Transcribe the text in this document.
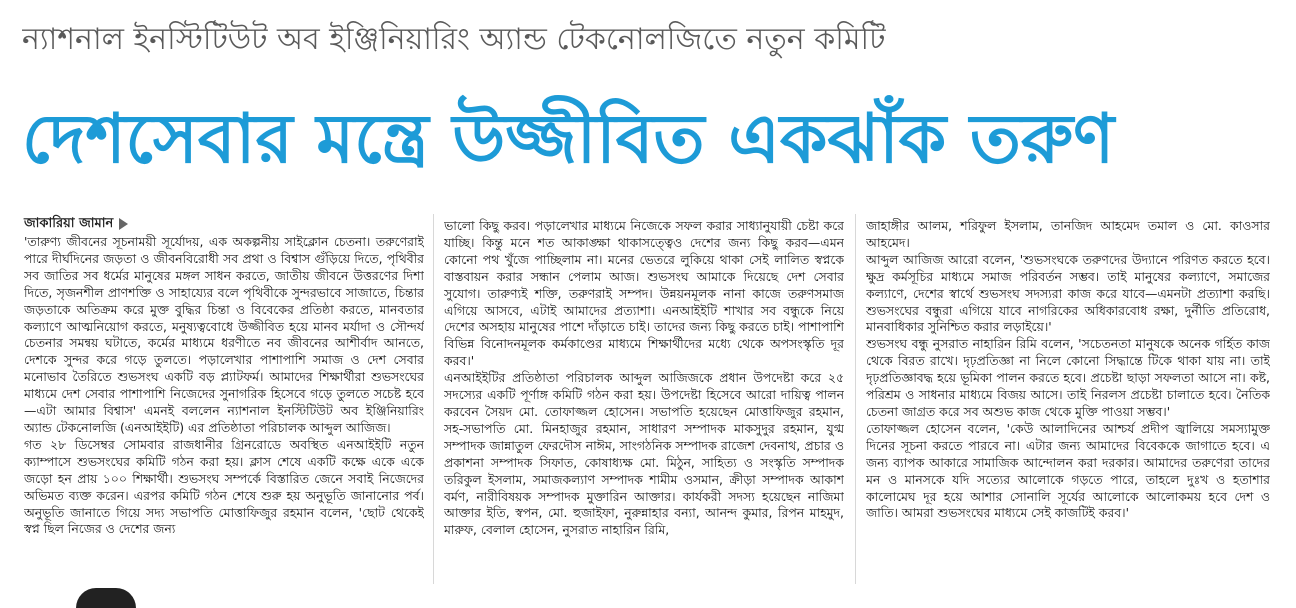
ন্যাশনাল ইনস্টিটিউট অব ইঞ্জিনিয়ারিং অ্যান্ড টেকনোলজিতে নতুন কমিটি
দেশসেবার মন্ত্রে উজ্জীবিত একঝাঁক তরুণ
জাকারিয়া জামান

'তারুণ্য জীবনের সূচনাময়ী সূর্যোদয়, এক অকল্পনীয় সাইক্লোন চেতনা। তরুণেরাই পারে দীর্ঘদিনের জড়তা ও জীবনবিরোধী সব প্রথা ও বিশ্বাস গুঁড়িয়ে দিতে, পৃথিবীর সব জাতির সব ধর্মের মানুষের মঙ্গল সাধন করতে, জাতীয় জীবনে উত্তরণের দিশা দিতে, সৃজনশীল প্রাণশক্তি ও সাহায্যের বলে পৃথিবীকে সুন্দরভাবে সাজাতে, চিন্তার জড়তাকে অতিক্রম করে মুক্ত বুদ্ধির চিন্তা ও বিবেকের প্রতিষ্ঠা করতে, মানবতার কল্যাণে আত্মনিয়োগ করতে, মনুষ্যত্ববোধে উজ্জীবিত হয়ে মানব মর্যাদা ও সৌন্দর্য চেতনার সমন্বয় ঘটাতে, কর্মের মাধ্যমে ধরণীতে নব জীবনের আশীর্বাদ আনতে, দেশকে সুন্দর করে গড়ে তুলতে। পড়ালেখার পাশাপাশি সমাজ ও দেশ সেবার মনোভাব তৈরিতে শুভসংঘ একটি বড় প্ল্যাটফর্ম। আমাদের শিক্ষার্থীরা শুভসংঘের মাধ্যমে দেশ সেবার পাশাপাশি নিজেদের সুনাগরিক হিসেবে গড়ে তুলতে সচেষ্ট হবে—এটা আমার বিশ্বাস' এমনই বললেন ন্যাশনাল ইনস্টিটিউট অব ইঞ্জিনিয়ারিং অ্যান্ড টেকনোলজি (এনআইইটি) এর প্রতিষ্ঠাতা পরিচালক আব্দুল আজিজ।

গত ২৮ ডিসেম্বর সোমবার রাজধানীর গ্রিনরোডে অবস্থিত এনআইইটি নতুন ক্যাম্পাসে শুভসংঘের কমিটি গঠন করা হয়। ক্লাস শেষে একটি কক্ষে একে একে জড়ো হন প্রায় ১০০ শিক্ষার্থী। শুভসংঘ সম্পর্কে বিস্তারিত জেনে সবাই নিজেদের অভিমত ব্যক্ত করেন। এরপর কমিটি গঠন শেষে শুরু হয় অনুভূতি জানানোর পর্ব। অনুভূতি জানাতে গিয়ে সদ্য সভাপতি মোত্তাফিজুর রহমান বলেন, 'ছোট থেকেই স্বপ্ন ছিল নিজের ও দেশের জন্য

ভালো কিছু করব। পড়ালেখার মাধ্যমে নিজেকে সফল করার সাধ্যানুযায়ী চেষ্টা করে যাচ্ছি। কিন্তু মনে শত আকাঙ্ক্ষা থাকাসত্ত্বেও দেশের জন্য কিছু করব—এমন কোনো পথ খুঁজে পাচ্ছিলাম না। মনের ভেতরে লুকিয়ে থাকা সেই লালিত স্বপ্নকে বাস্তবায়ন করার সন্ধান পেলাম আজ। শুভসংঘ আমাকে দিয়েছে দেশ সেবার সুযোগ। তারুণ্যই শক্তি, তরুণরাই সম্পদ। উন্নয়নমূলক নানা কাজে তরুণসমাজ এগিয়ে আসবে, এটাই আমাদের প্রত্যাশা। এনআইইটি শাখার সব বন্ধুকে নিয়ে দেশের অসহায় মানুষের পাশে দাঁড়াতে চাই। তাদের জন্য কিছু করতে চাই। পাশাপাশি বিভিন্ন বিনোদনমূলক কর্মকাণ্ডের মাধ্যমে শিক্ষার্থীদের মধ্যে থেকে অপসংস্কৃতি দূর করব।'

এনআইইটির প্রতিষ্ঠাতা পরিচালক আব্দুল আজিজকে প্রধান উপদেষ্টা করে ২৫ সদস্যের একটি পূর্ণাঙ্গ কমিটি গঠন করা হয়। উপদেষ্টা হিসেবে আরো দায়িত্ব পালন করবেন সৈয়দ মো. তোফাজ্জল হোসেন। সভাপতি হয়েছেন মোত্তাফিজুর রহমান, সহ-সভাপতি মো. মিনহাজুর রহমান, সাধারণ সম্পাদক মাকসুদুর রহমান, যুগ্ম সম্পাদক জান্নাতুল ফেরদৌস নাঈম, সাংগঠনিক সম্পাদক রাজেশ দেবনাথ, প্রচার ও প্রকাশনা সম্পাদক সিফাত, কোষাধ্যক্ষ মো. মিঠুন, সাহিত্য ও সংস্কৃতি সম্পাদক তরিকুল ইসলাম, সমাজকল্যাণ সম্পাদক শামীম ওসমান, ক্রীড়া সম্পাদক আকাশ বর্মণ, নারীবিষয়ক সম্পাদক মুক্তারিন আক্তার। কার্যকরী সদস্য হয়েছেন নাজিমা আক্তার ইতি, স্বপন, মো. হুজাইফা, নুরুন্নাহার বন্যা, আনন্দ কুমার, রিপন মাহমুদ, মারুফ, বেলাল হোসেন, নুসরাত নাহারিন রিমি,

জাহাঙ্গীর আলম, শরিফুল ইসলাম, তানজিদ আহমেদ তমাল ও মো. কাওসার আহমেদ।

আব্দুল আজিজ আরো বলেন, 'শুভসংঘকে তরুণদের উদ্যানে পরিণত করতে হবে। ক্ষুদ্র কর্মসূচির মাধ্যমে সমাজ পরিবর্তন সম্ভব। তাই মানুষের কল্যাণে, সমাজের কল্যাণে, দেশের স্বার্থে শুভসংঘ সদস্যরা কাজ করে যাবে—এমনটা প্রত্যাশা করছি। শুভসংঘের বন্ধুরা এগিয়ে যাবে নাগরিকের অধিকারবোধ রক্ষা, দুর্নীতি প্রতিরোধ, মানবাধিকার সুনিশ্চিত করার লড়াইয়ে।'

শুভসংঘ বন্ধু নুসরাত নাহারিন রিমি বলেন, 'সচেতনতা মানুষকে অনেক গর্হিত কাজ থেকে বিরত রাখে। দৃঢ়প্রতিজ্ঞা না নিলে কোনো সিদ্ধান্তে টিকে থাকা যায় না। তাই দৃঢ়প্রতিজ্ঞাবদ্ধ হয়ে ভূমিকা পালন করতে হবে। প্রচেষ্টা ছাড়া সফলতা আসে না। কষ্ট, পরিশ্রম ও সাধনার মাধ্যমে বিজয় আসে। তাই নিরলস প্রচেষ্টা চালাতে হবে। নৈতিক চেতনা জাগ্রত করে সব অশুভ কাজ থেকে মুক্তি পাওয়া সম্ভব।'

তোফাজ্জল হোসেন বলেন, 'কেউ আলাদিনের আশ্চর্য প্রদীপ জ্বালিয়ে সমস্যামুক্ত দিনের সূচনা করতে পারবে না। এটার জন্য আমাদের বিবেককে জাগাতে হবে। এ জন্য ব্যাপক আকারে সামাজিক আন্দোলন করা দরকার। আমাদের তরুণেরা তাদের মন ও মানসকে যদি সত্যের আলোকে গড়তে পারে, তাহলে দুঃখ ও হতাশার কালোমেঘ দূর হয়ে আশার সোনালি সূর্যের আলোকে আলোকময় হবে দেশ ও জাতি। আমরা শুভসংঘের মাধ্যমে সেই কাজটিই করব।'
